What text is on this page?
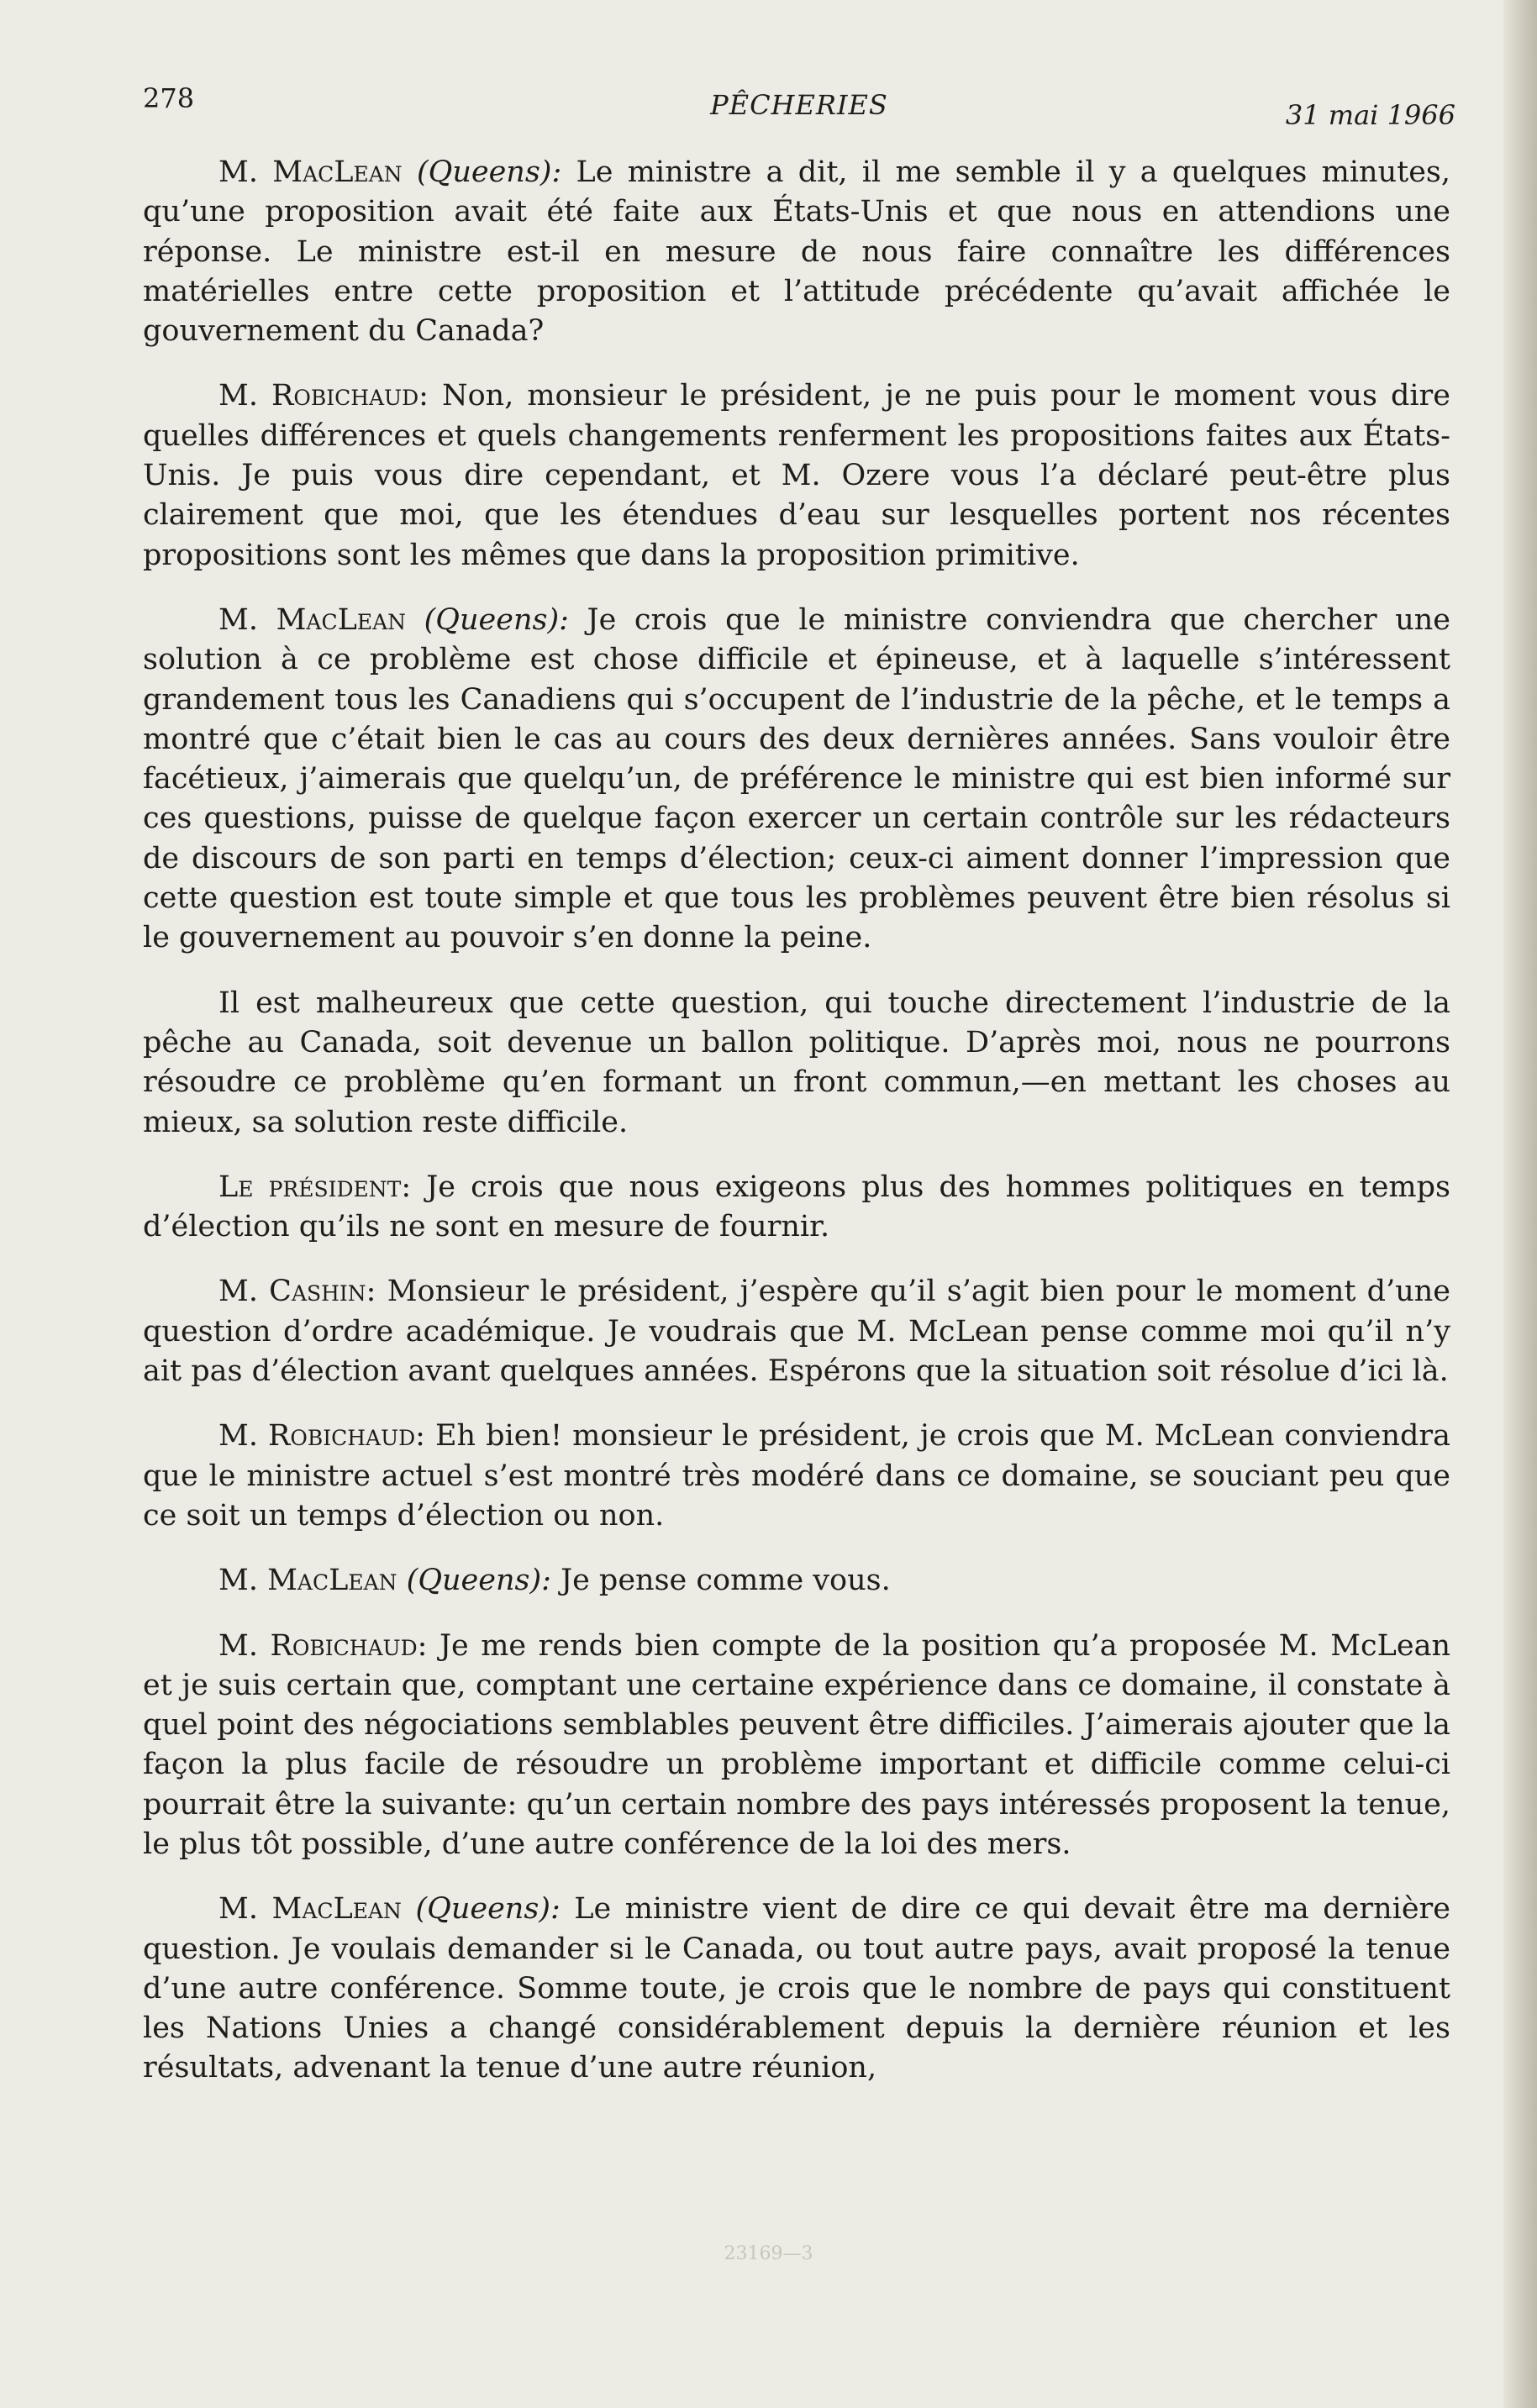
278	PÊCHERIES	31 mai 1966

M. MacLean (Queens): Le ministre a dit, il me semble il y a quelques minutes, qu’une proposition avait été faite aux États-Unis et que nous en attendions une réponse. Le ministre est-il en mesure de nous faire connaître les différences matérielles entre cette proposition et l’attitude précédente qu’avait affichée le gouvernement du Canada?

M. Robichaud: Non, monsieur le président, je ne puis pour le moment vous dire quelles différences et quels changements renferment les propositions faites aux États-Unis. Je puis vous dire cependant, et M. Ozere vous l’a déclaré peut-être plus clairement que moi, que les étendues d’eau sur lesquelles portent nos récentes propositions sont les mêmes que dans la proposition primitive.

M. MacLean (Queens): Je crois que le ministre conviendra que chercher une solution à ce problème est chose difficile et épineuse, et à laquelle s’intéressent grandement tous les Canadiens qui s’occupent de l’industrie de la pêche, et le temps a montré que c’était bien le cas au cours des deux dernières années. Sans vouloir être facétieux, j’aimerais que quelqu’un, de préférence le ministre qui est bien informé sur ces questions, puisse de quelque façon exercer un certain contrôle sur les rédacteurs de discours de son parti en temps d’élection; ceux-ci aiment donner l’impression que cette question est toute simple et que tous les problèmes peuvent être bien résolus si le gouvernement au pouvoir s’en donne la peine.

Il est malheureux que cette question, qui touche directement l’industrie de la pêche au Canada, soit devenue un ballon politique. D’après moi, nous ne pourrons résoudre ce problème qu’en formant un front commun,—en mettant les choses au mieux, sa solution reste difficile.

Le président: Je crois que nous exigeons plus des hommes politiques en temps d’élection qu’ils ne sont en mesure de fournir.

M. Cashin: Monsieur le président, j’espère qu’il s’agit bien pour le moment d’une question d’ordre académique. Je voudrais que M. McLean pense comme moi qu’il n’y ait pas d’élection avant quelques années. Espérons que la situation soit résolue d’ici là.

M. Robichaud: Eh bien! monsieur le président, je crois que M. McLean conviendra que le ministre actuel s’est montré très modéré dans ce domaine, se souciant peu que ce soit un temps d’élection ou non.

M. MacLean (Queens): Je pense comme vous.

M. Robichaud: Je me rends bien compte de la position qu’a proposée M. McLean et je suis certain que, comptant une certaine expérience dans ce domaine, il constate à quel point des négociations semblables peuvent être difficiles. J’aimerais ajouter que la façon la plus facile de résoudre un problème important et difficile comme celui-ci pourrait être la suivante: qu’un certain nombre des pays intéressés proposent la tenue, le plus tôt possible, d’une autre conférence de la loi des mers.

M. MacLean (Queens): Le ministre vient de dire ce qui devait être ma dernière question. Je voulais demander si le Canada, ou tout autre pays, avait proposé la tenue d’une autre conférence. Somme toute, je crois que le nombre de pays qui constituent les Nations Unies a changé considérablement depuis la dernière réunion et les résultats, advenant la tenue d’une autre réunion,

23169—3
